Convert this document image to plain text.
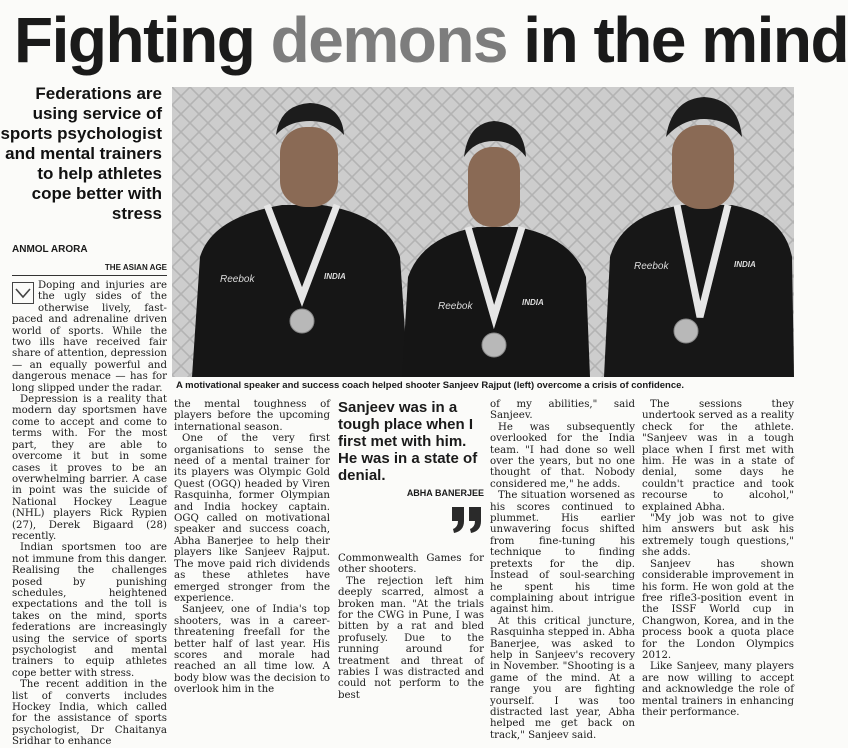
Fighting demons in the mind
Federations are using service of sports psychologist and mental trainers to help athletes cope better with stress
ANMOL ARORA
THE ASIAN AGE
Reebok	INDIA
Reebok	INDIA
Reebok	INDIA
A motivational speaker and success coach helped shooter Sanjeev Rajput (left) overcome a crisis of confidence.

Doping and injuries are the ugly sides of the otherwise lively, fast-paced and adrenaline driven world of sports. While the two ills have received fair share of attention, depression — an equally powerful and dangerous menace — has for long slipped under the radar.

Depression is a reality that modern day sportsmen have come to accept and come to terms with. For the most part, they are able to overcome it but in some cases it proves to be an overwhelming barrier. A case in point was the suicide of National Hockey League (NHL) players Rick Rypien (27), Derek Bigaard (28) recently.

Indian sportsmen too are not immune from this danger. Realising the challenges posed by punishing schedules, heightened expectations and the toll is takes on the mind, sports federations are increasingly using the service of sports psychologist and mental trainers to equip athletes cope better with stress.

The recent addition in the list of converts includes Hockey India, which called for the assistance of sports psychologist, Dr Chaitanya Sridhar to enhance

the mental toughness of players before the upcoming international season.

One of the very first organisations to sense the need of a mental trainer for its players was Olympic Gold Quest (OGQ) headed by Viren Rasquinha, former Olympian and India hockey captain. OGQ called on motivational speaker and success coach, Abha Banerjee to help their players like Sanjeev Rajput. The move paid rich dividends as these athletes have emerged stronger from the experience.

Sanjeev, one of India's top shooters, was in a career-threatening freefall for the better half of last year. His scores and morale had reached an all time low. A body blow was the decision to overlook him in the

Sanjeev was in a tough place when I first met with him. He was in a state of denial.
ABHA BANERJEE

Commonwealth Games for other shooters.

The rejection left him deeply scarred, almost a broken man. "At the trials for the CWG in Pune, I was bitten by a rat and bled profusely. Due to the running around for treatment and threat of rabies I was distracted and could not perform to the best

of my abilities," said Sanjeev.

He was subsequently overlooked for the India team. "I had done so well over the years, but no one thought of that. Nobody considered me," he adds.

The situation worsened as his scores continued to plummet. His earlier unwavering focus shifted from fine-tuning his technique to finding pretexts for the dip. Instead of soul-searching he spent his time complaining about intrigue against him.

At this critical juncture, Rasquinha stepped in. Abha Banerjee, was asked to help in Sanjeev's recovery in November. "Shooting is a game of the mind. At a range you are fighting yourself. I was too distracted last year, Abha helped me get back on track," Sanjeev said.

The sessions they undertook served as a reality check for the athlete. "Sanjeev was in a tough place when I first met with him. He was in a state of denial, some days he couldn't practice and took recourse to alcohol," explained Abha.

"My job was not to give him answers but ask his extremely tough questions," she adds.

Sanjeev has shown considerable improvement in his form. He won gold at the free rifle3-position event in the ISSF World cup in Changwon, Korea, and in the process book a quota place for the London Olympics 2012.

Like Sanjeev, many players are now willing to accept and acknowledge the role of mental trainers in enhancing their performance.
